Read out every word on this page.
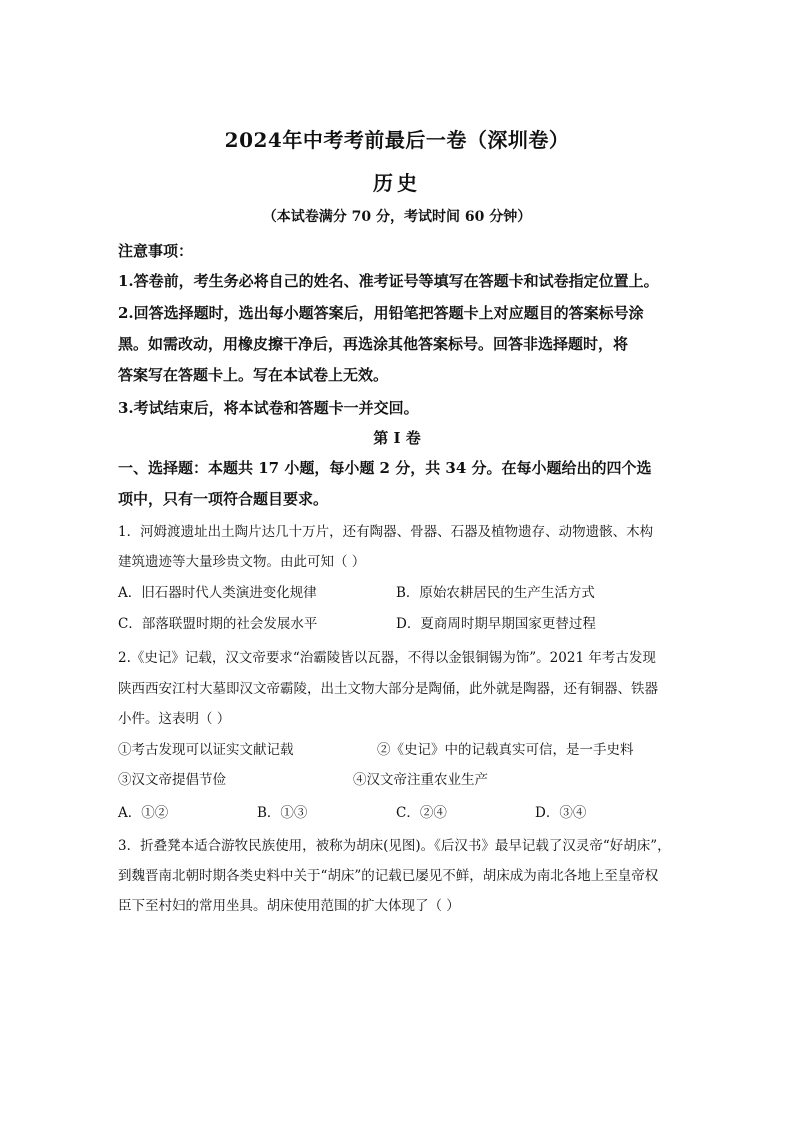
2024年中考考前最后一卷（深圳卷）
历史
（本试卷满分 70 分，考试时间 60 分钟）
注意事项：
1.答卷前，考生务必将自己的姓名、准考证号等填写在答题卡和试卷指定位置上。
2.回答选择题时，选出每小题答案后，用铅笔把答题卡上对应题目的答案标号涂
黑。如需改动，用橡皮擦干净后，再选涂其他答案标号。回答非选择题时，将
答案写在答题卡上。写在本试卷上无效。
3.考试结束后，将本试卷和答题卡一并交回。
第 I 卷
一、选择题：本题共 17 小题，每小题 2 分，共 34 分。在每小题给出的四个选
项中，只有一项符合题目要求。
1．河姆渡遗址出土陶片达几十万片，还有陶器、骨器、石器及植物遗存、动物遗骸、木构
建筑遗迹等大量珍贵文物。由此可知（ ）
A．旧石器时代人类演进变化规律	B．原始农耕居民的生产生活方式
C．部落联盟时期的社会发展水平	D．夏商周时期早期国家更替过程
2.《史记》记载，汉文帝要求“治霸陵皆以瓦器，不得以金银铜锡为饰”。2021 年考古发现
陕西西安江村大墓即汉文帝霸陵，出土文物大部分是陶俑，此外就是陶器，还有铜器、铁器
小件。这表明（ ）
①考古发现可以证实文献记载	②《史记》中的记载真实可信，是一手史料
③汉文帝提倡节俭	④汉文帝注重农业生产
A．①②	B．①③	C．②④	D．③④
3．折叠凳本适合游牧民族使用，被称为胡床(见图)。《后汉书》最早记载了汉灵帝“好胡床”，
到魏晋南北朝时期各类史料中关于“胡床”的记载已屡见不鲜，胡床成为南北各地上至皇帝权
臣下至村妇的常用坐具。胡床使用范围的扩大体现了（ ）
